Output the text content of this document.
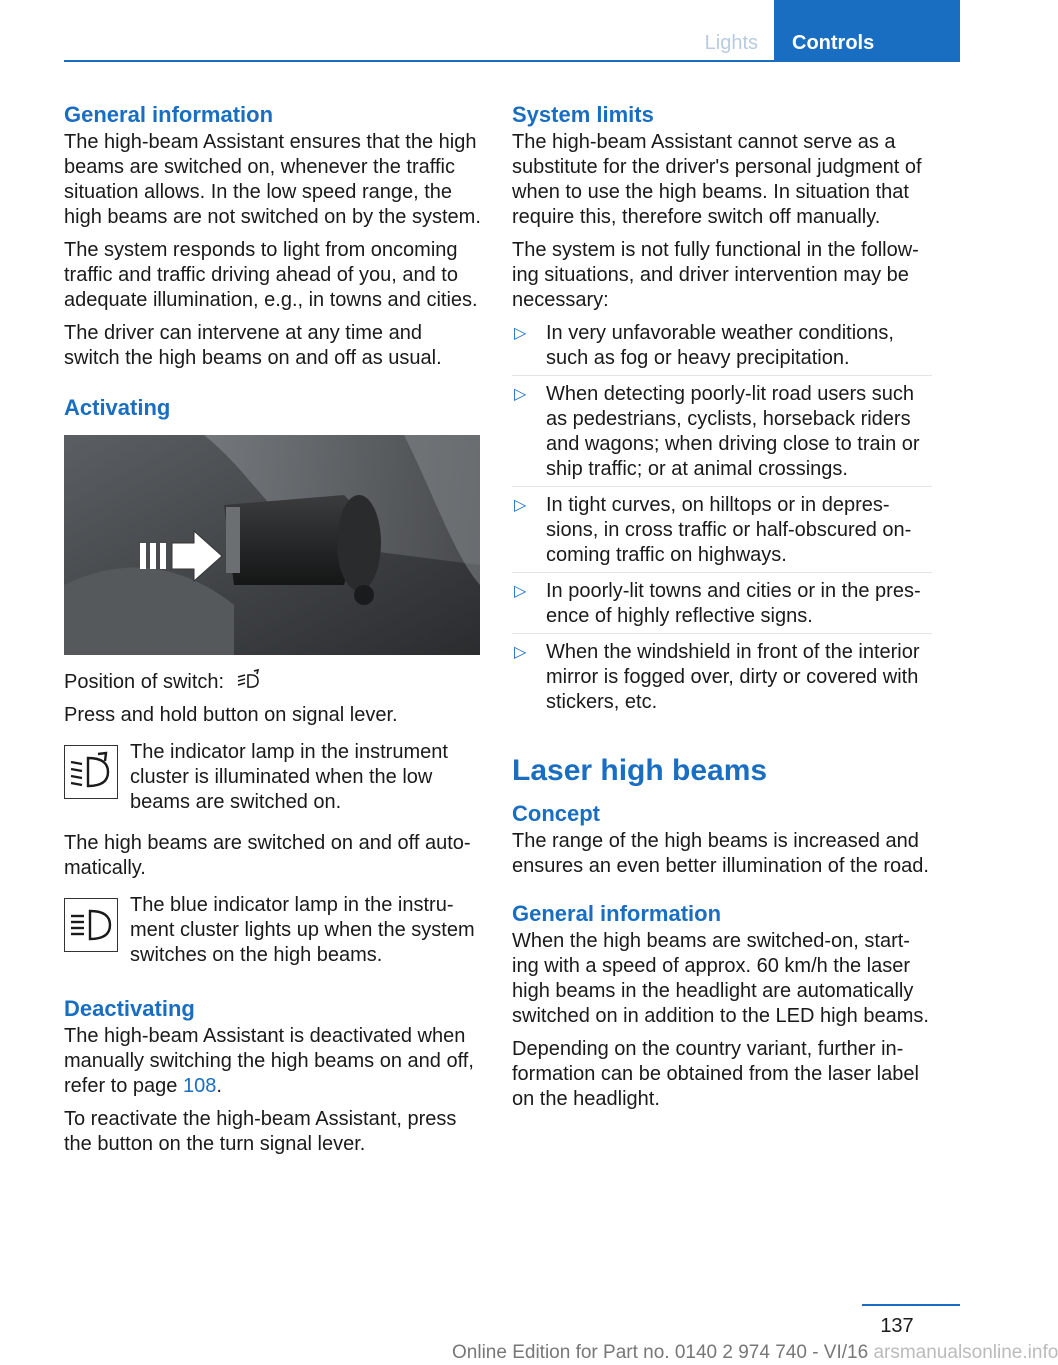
Lights	Controls
General information

The high-beam Assistant ensures that the high beams are switched on, whenever the traffic situation allows. In the low speed range, the high beams are not switched on by the system.

The system responds to light from oncoming traffic and traffic driving ahead of you, and to adequate illumination, e.g., in towns and cities.

The driver can intervene at any time and switch the high beams on and off as usual.

Activating

Position of switch:

Press and hold button on signal lever.

The indicator lamp in the instrument cluster is illuminated when the low beams are switched on.

The high beams are switched on and off auto-matically.

The blue indicator lamp in the instru-ment cluster lights up when the system switches on the high beams.
Deactivating

The high-beam Assistant is deactivated when manually switching the high beams on and off, refer to page 108.

To reactivate the high-beam Assistant, press the button on the turn signal lever.

System limits

The high-beam Assistant cannot serve as a substitute for the driver's personal judgment of when to use the high beams. In situation that require this, therefore switch off manually.

The system is not fully functional in the follow-ing situations, and driver intervention may be necessary:

▷ In very unfavorable weather conditions, such as fog or heavy precipitation.
▷ When detecting poorly-lit road users such as pedestrians, cyclists, horseback riders and wagons; when driving close to train or ship traffic; or at animal crossings.
▷ In tight curves, on hilltops or in depres-sions, in cross traffic or half-obscured on-coming traffic on highways.
▷ In poorly-lit towns and cities or in the pres-ence of highly reflective signs.
▷ When the windshield in front of the interior mirror is fogged over, dirty or covered with stickers, etc.
Laser high beams
Concept

The range of the high beams is increased and ensures an even better illumination of the road.

General information

When the high beams are switched-on, start-ing with a speed of approx. 60 km/h the laser high beams in the headlight are automatically switched on in addition to the LED high beams.

Depending on the country variant, further in-formation can be obtained from the laser label on the headlight.

137
Online Edition for Part no. 0140 2 974 740 - VI/16 arsmanualsonline.info
